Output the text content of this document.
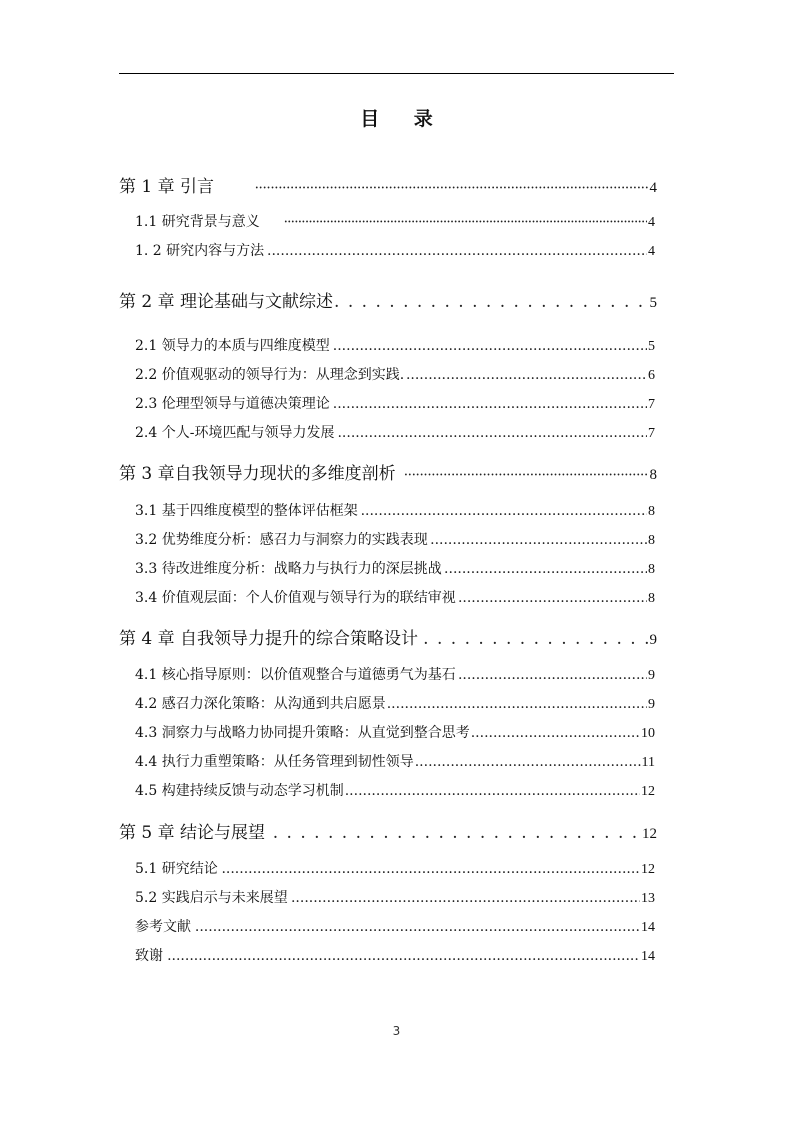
目 录
第 1 章 引言 •••••	4
1.1 研究背景与意义 •••••	4
1. 2 研究内容与方法 .....	4
第 2 章 理论基础与文献综述 . . .	5
2.1 领导力的本质与四维度模型 .....	5
2.2 价值观驱动的领导行为：从理念到实践. .....	6
2.3 伦理型领导与道德决策理论 .....	7
2.4 个人-环境匹配与领导力发展 .....	7
第 3 章自我领导力现状的多维度剖析 •••••	8
3.1 基于四维度模型的整体评估框架 .....	8
3.2 优势维度分析：感召力与洞察力的实践表现 .....	8
3.3 待改进维度分析：战略力与执行力的深层挑战 .....	8
3.4 价值观层面：个人价值观与领导行为的联结审视 .....	8
第 4 章 自我领导力提升的综合策略设计 . . .	9
4.1 核心指导原则：以价值观整合与道德勇气为基石 .....	9
4.2 感召力深化策略：从沟通到共启愿景 .....	9
4.3 洞察力与战略力协同提升策略：从直觉到整合思考 .....	10
4.4 执行力重塑策略：从任务管理到韧性领导 .....	11
4.5 构建持续反馈与动态学习机制 .....	12
第 5 章 结论与展望 . . .	12
5.1 研究结论 .....	12
5.2 实践启示与未来展望 .....	13
参考文献 .....	14
致谢 .....	14
3
